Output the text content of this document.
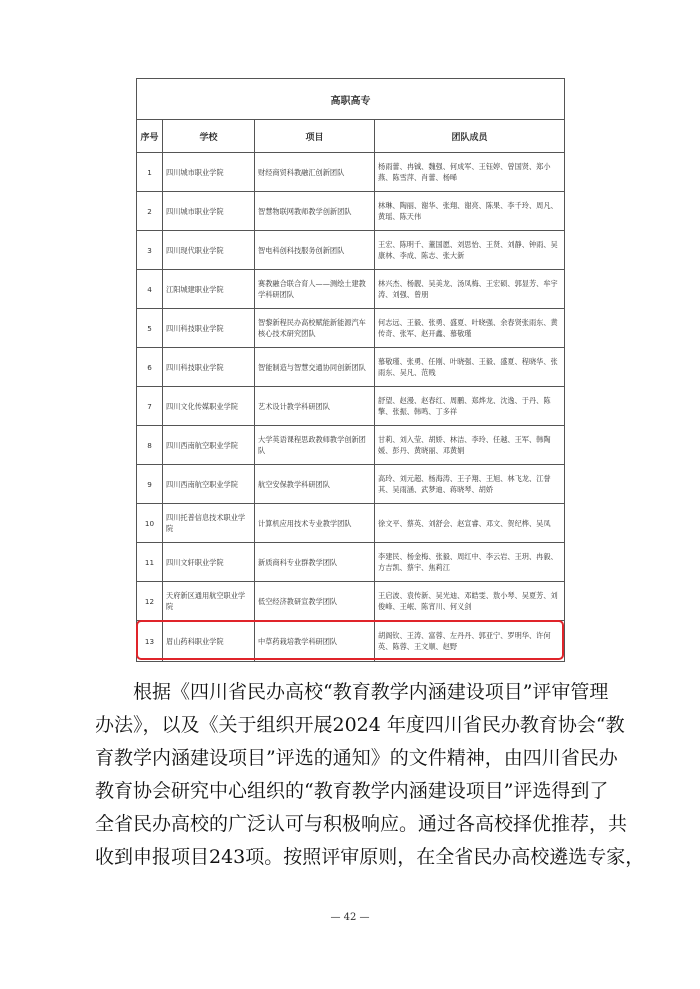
高职高专			
序号	学校	项目	团队成员
1	四川城市职业学院	财经商贸科教融汇创新团队	杨雨蕾、冉铖、魏强、何成军、王钰婷、曾国贤、郑小燕、陈雪萍、肖蕾、杨晞
2	四川城市职业学院	智慧物联网教师教学创新团队	林琳、陶丽、谢华、张翔、谢亮、陈果、李千玲、周凡、黄瑶、陈天伟
3	四川现代职业学院	智电科创科技服务创新团队	王宏、陈明千、董国愿、刘思怡、王贤、刘静、钟雨、吴康林、李成、陈志、张大新
4	江阳城建职业学院	赛教融合联合育人——测绘土建教学科研团队	林兴杰、杨靓、吴美龙、汤凤梅、王宏硕、郭显芳、牟宇涛、刘强、曾朋
5	四川科技职业学院	智黎新程民办高校赋能新能源汽车核心技术研究团队	何志远、王毅、张勇、盛夏、叶晓强、余春贤张雨东、黄传奇、张军、赵开鑫、慕敬瑾
6	四川科技职业学院	智能制造与智慧交通协同创新团队	慕敬瑾、张勇、任刚、叶晓强、王毅、盛夏、程晓华、张雨东、吴凡、范贱
7	四川文化传媒职业学院	艺术设计教学科研团队	舒望、赵漫、赵春红、周鹏、郑烨龙、沈逸、于丹、陈擎、张振、韩鸣、丁多祥
8	四川西南航空职业学院	大学英语课程思政教师教学创新团队	甘莉、刘入莹、胡娇、林洁、李玲、任越、王军、韩陶媛、彭丹、黄晓丽、邓黄娟
9	四川西南航空职业学院	航空安保教学科研团队	高玲、刘元超、杨海涛、王子翔、王旭、林飞龙、江誉其、吴雨涵、武梦迪、蒋晓琴、胡娇
10	四川托普信息技术职业学院	计算机应用技术专业教学团队	徐文平、蔡英、刘舒会、赵宣睿、邓文、贺纪桦、吴凤
11	四川文轩职业学院	新质商科专业群教学团队	李建民、杨金梅、张毅、周红中、李云岩、王玥、冉毅、方吉凯、蔡宇、焦莉江
12	天府新区通用航空职业学院	低空经济教研宣教学团队	王启波、袁传新、吴光迪、邓皓雯、敖小琴、吴夏芳、刘俊峰、王岷、陈宵川、何义剑
13	眉山药科职业学院	中草药栽培教学科研团队	胡阁钦、王涛、富蓉、左丹丹、郭亚宁、罗明华、许何英、陈蓉、王文顺、赵野
根据《四川省民办高校“教育教学内涵建设项目”评审管理
办法》，以及《关于组织开展2024 年度四川省民办教育协会“教
育教学内涵建设项目”评选的通知》的文件精神，由四川省民办
教育协会研究中心组织的“教育教学内涵建设项目”评选得到了
全省民办高校的广泛认可与积极响应。通过各高校择优推荐，共
收到申报项目243项。按照评审原则，在全省民办高校遴选专家，
— 42 —
